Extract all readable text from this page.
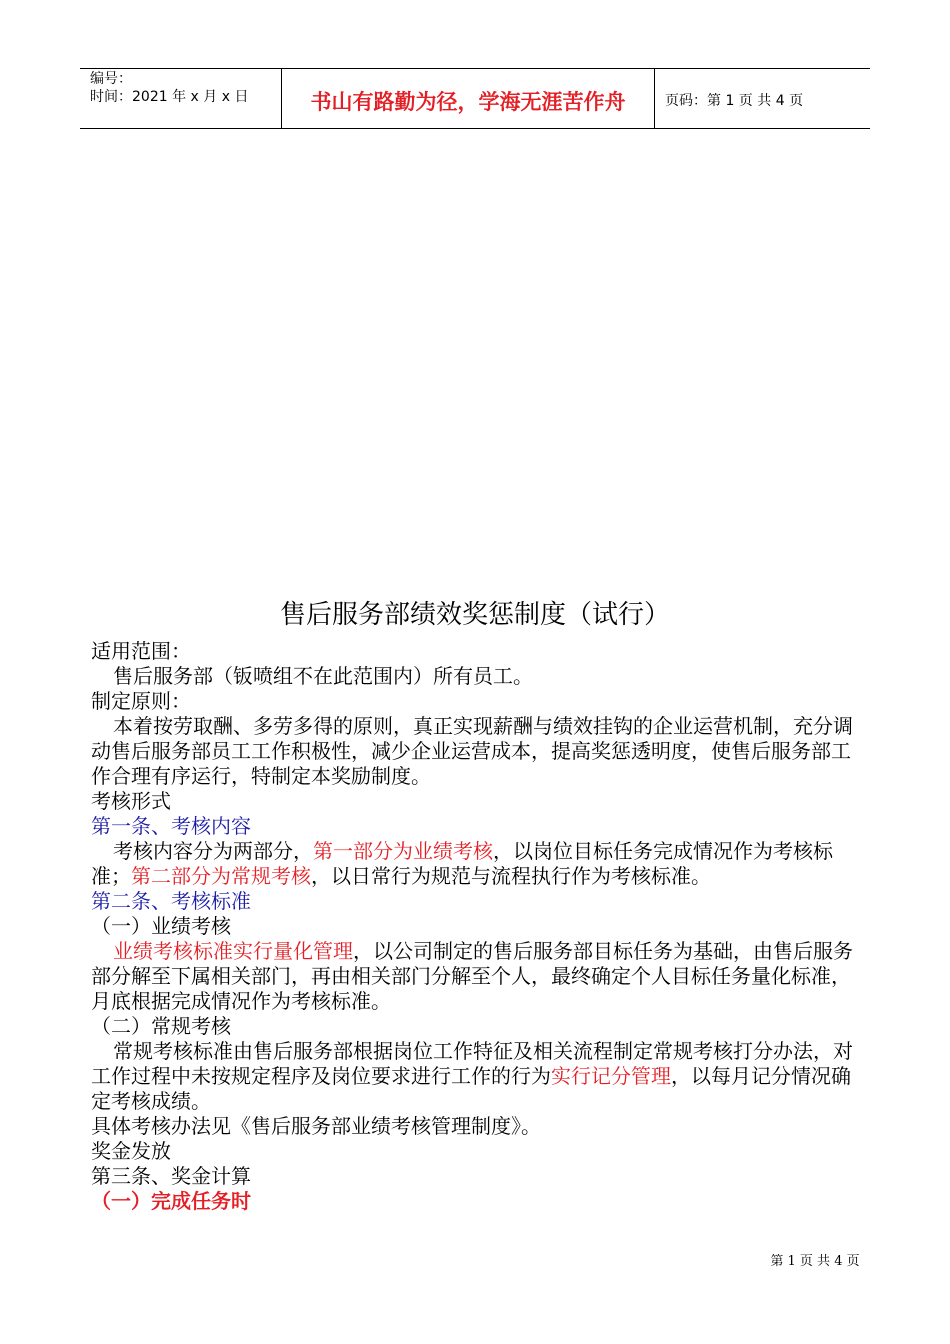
编号：
时间：2021 年 x 月 x 日	书山有路勤为径，学海无涯苦作舟	页码：第 1 页 共 4 页
售后服务部绩效奖惩制度（试行）

适用范围：

售后服务部（钣喷组不在此范围内）所有员工。

制定原则：

本着按劳取酬、多劳多得的原则，真正实现薪酬与绩效挂钩的企业运营机制，充分调动售后服务部员工工作积极性，减少企业运营成本，提高奖惩透明度，使售后服务部工作合理有序运行，特制定本奖励制度。

考核形式

第一条、考核内容

考核内容分为两部分，第一部分为业绩考核，以岗位目标任务完成情况作为考核标准；第二部分为常规考核，以日常行为规范与流程执行作为考核标准。

第二条、考核标准

（一）业绩考核

业绩考核标准实行量化管理，以公司制定的售后服务部目标任务为基础，由售后服务部分解至下属相关部门，再由相关部门分解至个人，最终确定个人目标任务量化标准，月底根据完成情况作为考核标准。

（二）常规考核

常规考核标准由售后服务部根据岗位工作特征及相关流程制定常规考核打分办法，对工作过程中未按规定程序及岗位要求进行工作的行为实行记分管理，以每月记分情况确定考核成绩。

具体考核办法见《售后服务部业绩考核管理制度》。

奖金发放

第三条、奖金计算

（一）完成任务时

第 1 页 共 4 页
